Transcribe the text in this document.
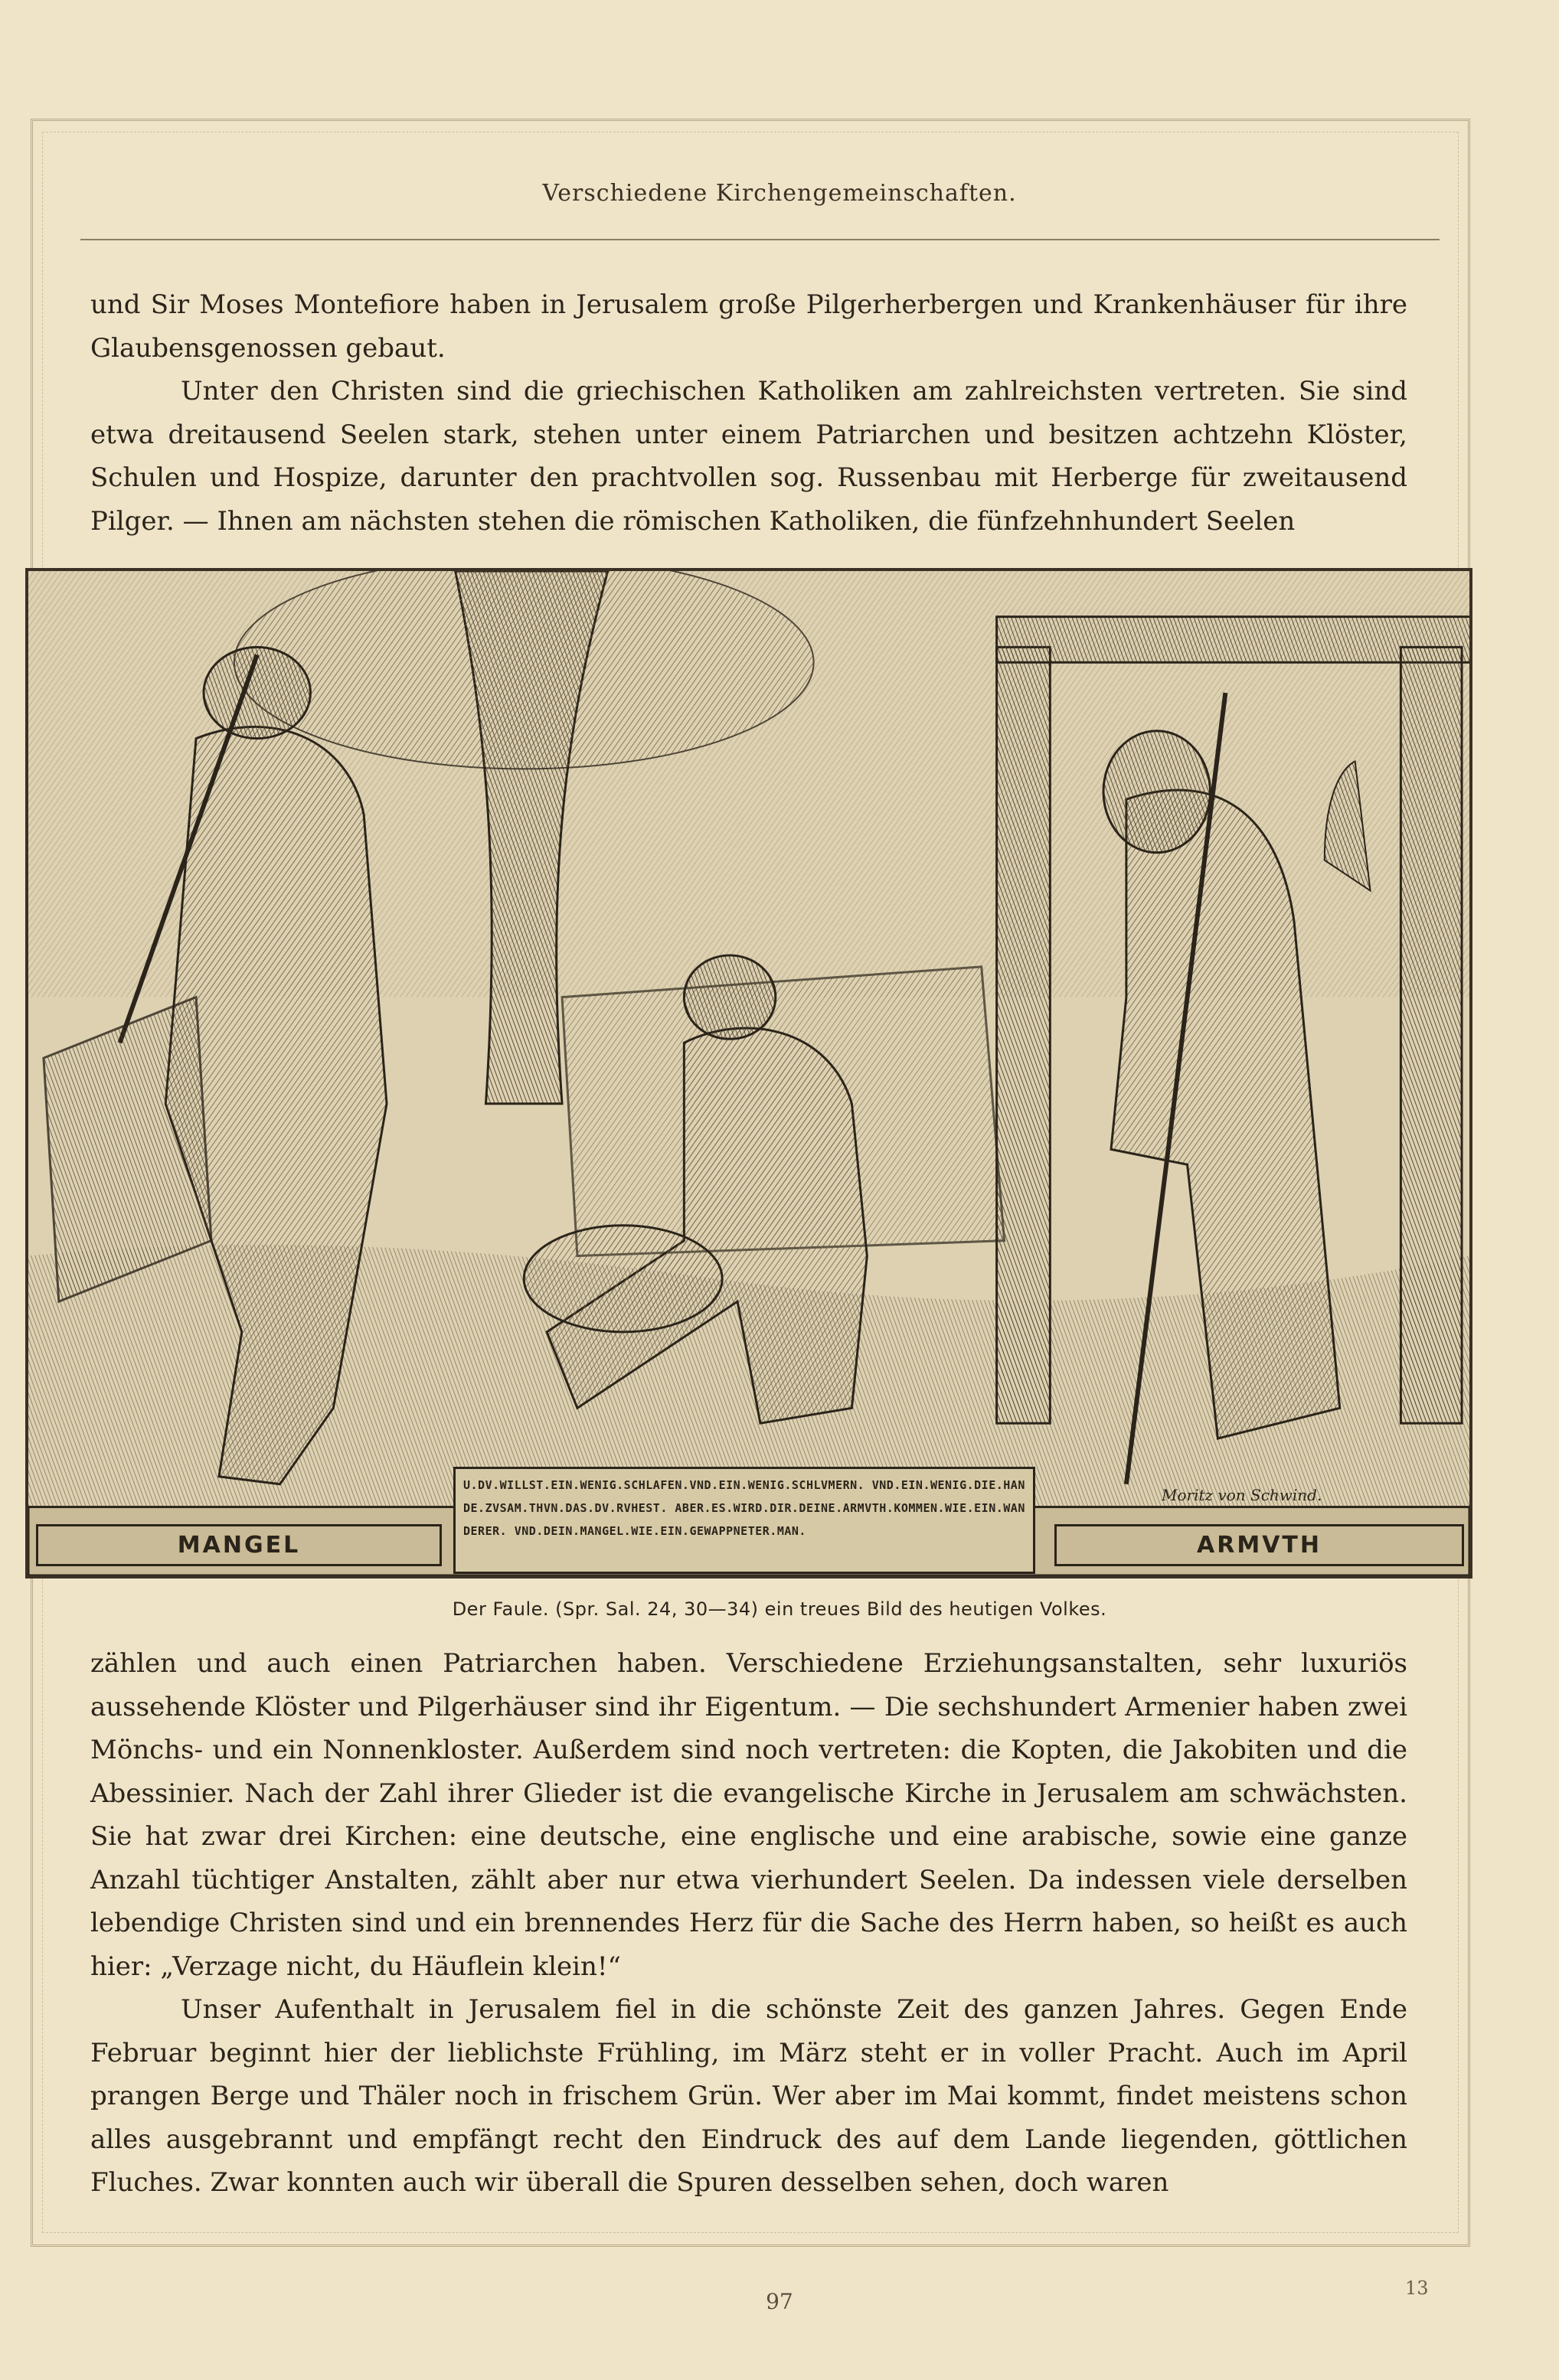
Verschiedene Kirchengemeinschaften.

und Sir Moses Montefiore haben in Jerusalem große Pilgerherbergen und Krankenhäuser für ihre Glaubensgenossen gebaut.

Unter den Christen sind die griechischen Katholiken am zahlreichsten vertreten. Sie sind etwa dreitausend Seelen stark, stehen unter einem Patriarchen und besitzen achtzehn Klöster, Schulen und Hospize, darunter den prachtvollen sog. Russenbau mit Herberge für zweitausend Pilger. — Ihnen am nächsten stehen die römischen Katholiken, die fünfzehnhundert Seelen

U.DV.WILLST.EIN.WENIG.SCHLAFEN.VND.EIN.WENIG.SCHLVMERN. VND.EIN.WENIG.DIE.HANDE.ZVSAM.THVN.DAS.DV.RVHEST. ABER.ES.WIRD.DIR.DEINE.ARMVTH.KOMMEN.WIE.EIN.WANDERER. VND.DEIN.MANGEL.WIE.EIN.GEWAPPNETER.MAN.
MANGEL	ARMVTH
Moritz von Schwind.
Der Faule. (Spr. Sal. 24, 30—34) ein treues Bild des heutigen Volkes.

zählen und auch einen Patriarchen haben. Verschiedene Erziehungsanstalten, sehr luxuriös aussehende Klöster und Pilgerhäuser sind ihr Eigentum. — Die sechshundert Armenier haben zwei Mönchs- und ein Nonnenkloster. Außerdem sind noch vertreten: die Kopten, die Jakobiten und die Abessinier. Nach der Zahl ihrer Glieder ist die evangelische Kirche in Jerusalem am schwächsten. Sie hat zwar drei Kirchen: eine deutsche, eine englische und eine arabische, sowie eine ganze Anzahl tüchtiger Anstalten, zählt aber nur etwa vierhundert Seelen. Da indessen viele derselben lebendige Christen sind und ein brennendes Herz für die Sache des Herrn haben, so heißt es auch hier: „Verzage nicht, du Häuflein klein!“

Unser Aufenthalt in Jerusalem fiel in die schönste Zeit des ganzen Jahres. Gegen Ende Februar beginnt hier der lieblichste Frühling, im März steht er in voller Pracht. Auch im April prangen Berge und Thäler noch in frischem Grün. Wer aber im Mai kommt, findet meistens schon alles ausgebrannt und empfängt recht den Eindruck des auf dem Lande liegenden, göttlichen Fluches. Zwar konnten auch wir überall die Spuren desselben sehen, doch waren

97
13
